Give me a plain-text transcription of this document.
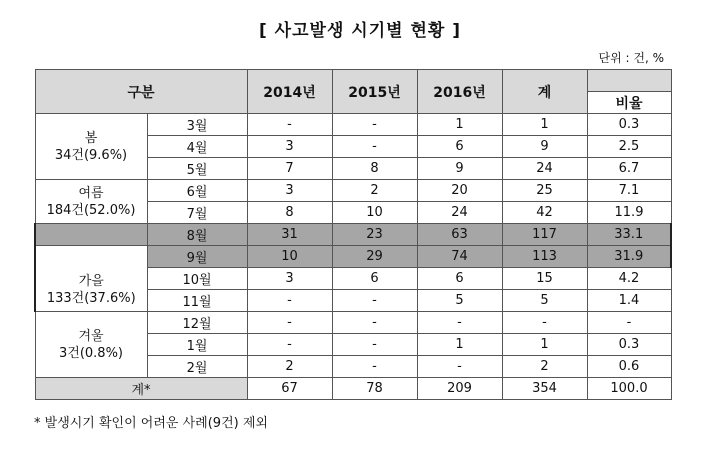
[ 사고발생 시기별 현황 ]
단위 : 건, %
구분		2014년	2015년	2016년	계	
						비율

봄
34건(9.6%)	3월	-	-	1	1	0.3
	4월	3	-	6	9	2.5
	5월	7	8	9	24	6.7

여름
184건(52.0%)	6월	3	2	20	25	7.1
	7월	8	10	24	42	11.9
	8월	31	23	63	117	33.1

가을
133건(37.6%)	9월	10	29	74	113	31.9
	10월	3	6	6	15	4.2
	11월	-	-	5	5	1.4

겨울
3건(0.8%)	12월	-	-	-	-	-
	1월	-	-	1	1	0.3
	2월	2	-	-	2	0.6
계*		67	78	209	354	100.0
* 발생시기 확인이 어려운 사례(9건) 제외
